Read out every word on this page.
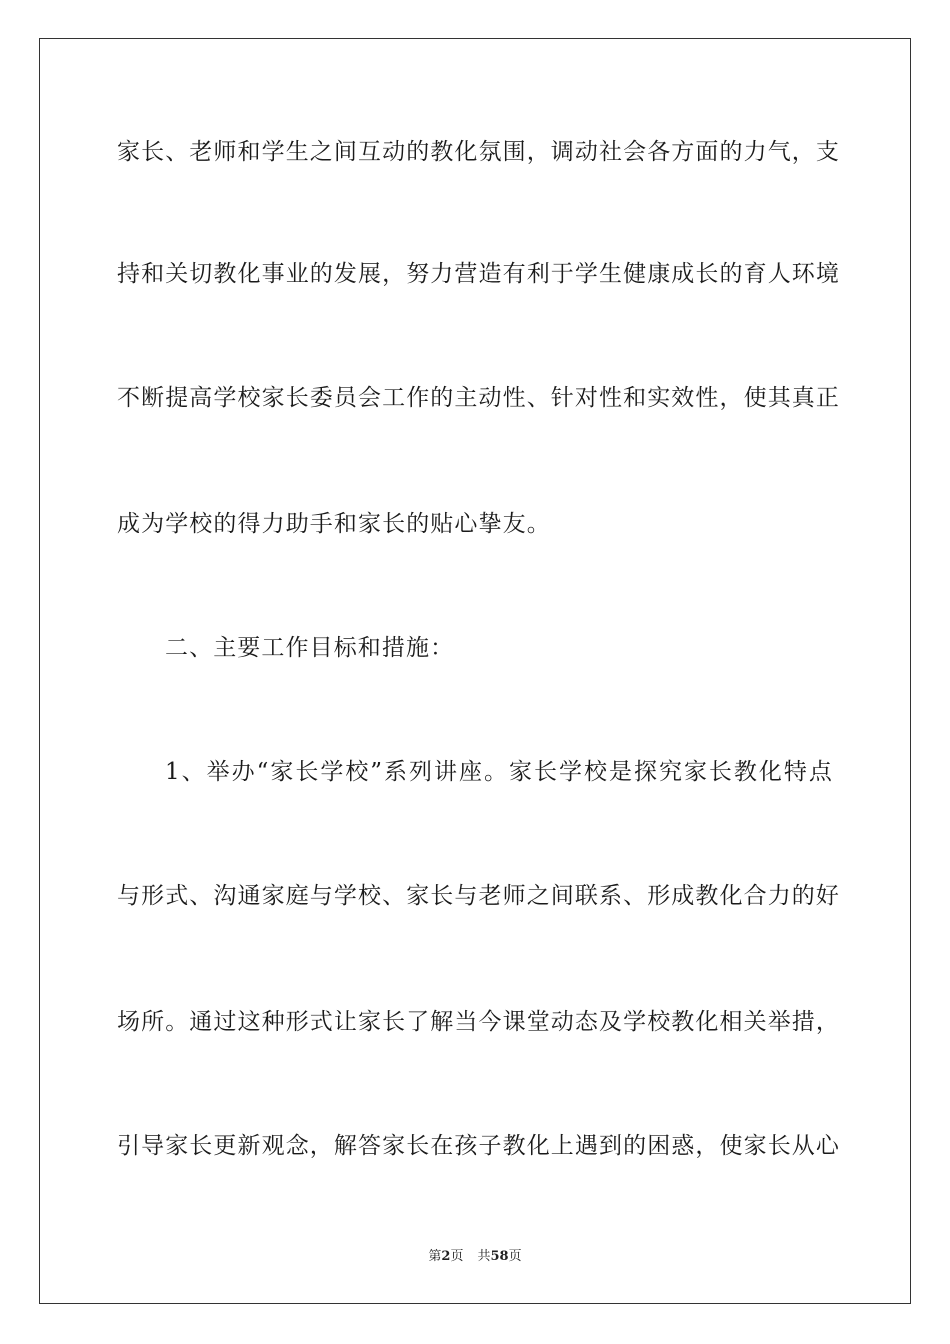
家长、老师和学生之间互动的教化氛围，调动社会各方面的力气，支
持和关切教化事业的发展，努力营造有利于学生健康成长的育人环境
不断提高学校家长委员会工作的主动性、针对性和实效性，使其真正
成为学校的得力助手和家长的贴心挚友。
二、主要工作目标和措施：
1、举办“家长学校”系列讲座。家长学校是探究家长教化特点
与形式、沟通家庭与学校、家长与老师之间联系、形成教化合力的好
场所。通过这种形式让家长了解当今课堂动态及学校教化相关举措，
引导家长更新观念，解答家长在孩子教化上遇到的困惑，使家长从心
第2页 共58页
